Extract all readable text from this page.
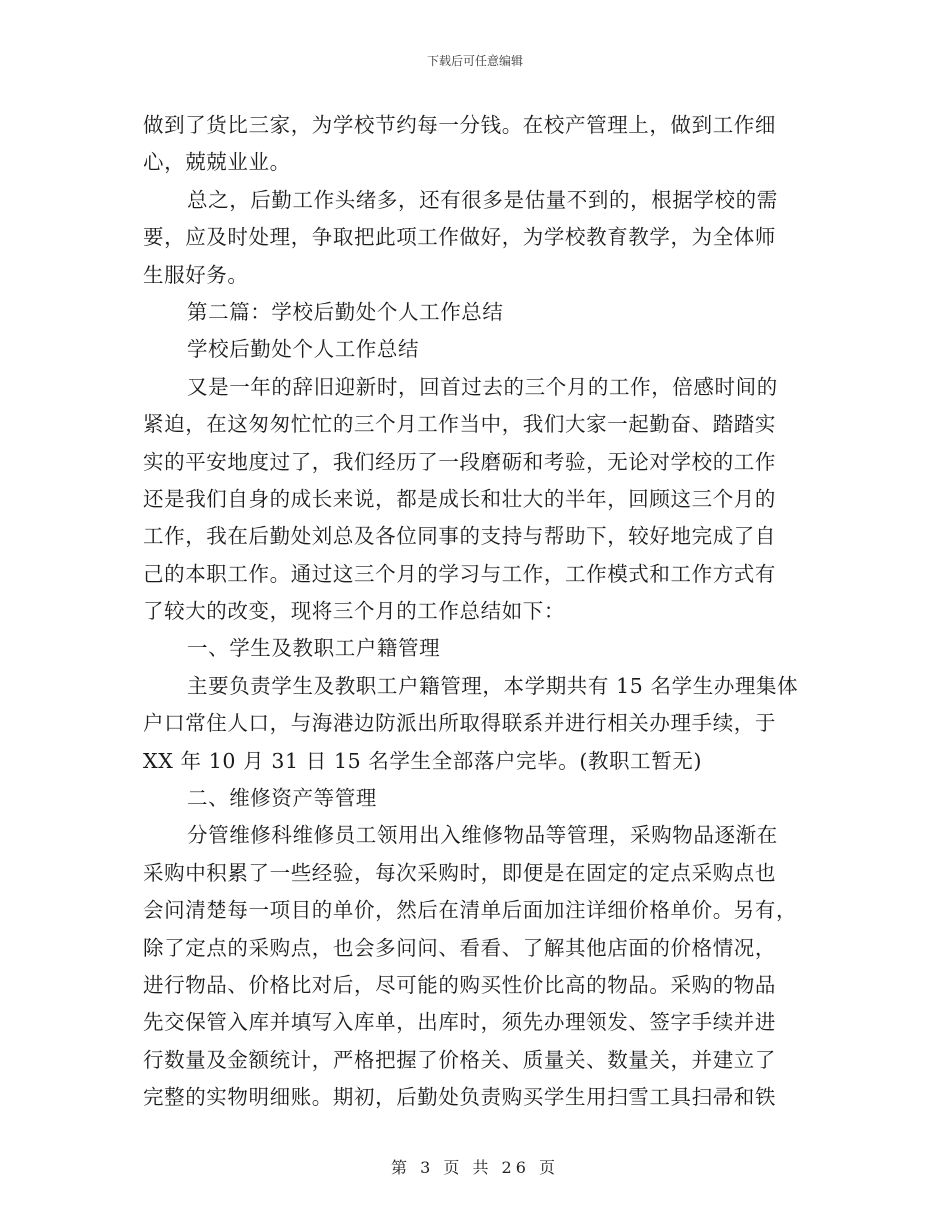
下载后可任意编辑
做到了货比三家，为学校节约每一分钱。在校产管理上，做到工作细
心，兢兢业业。
总之，后勤工作头绪多，还有很多是估量不到的，根据学校的需
要，应及时处理，争取把此项工作做好，为学校教育教学，为全体师
生服好务。
第二篇：学校后勤处个人工作总结
学校后勤处个人工作总结
又是一年的辞旧迎新时，回首过去的三个月的工作，倍感时间的
紧迫，在这匆匆忙忙的三个月工作当中，我们大家一起勤奋、踏踏实
实的平安地度过了，我们经历了一段磨砺和考验，无论对学校的工作
还是我们自身的成长来说，都是成长和壮大的半年，回顾这三个月的
工作，我在后勤处刘总及各位同事的支持与帮助下，较好地完成了自
己的本职工作。通过这三个月的学习与工作，工作模式和工作方式有
了较大的改变，现将三个月的工作总结如下：
一、学生及教职工户籍管理
主要负责学生及教职工户籍管理，本学期共有 15 名学生办理集体
户口常住人口，与海港边防派出所取得联系并进行相关办理手续，于
XX 年 10 月 31 日 15 名学生全部落户完毕。(教职工暂无)
二、维修资产等管理
分管维修科维修员工领用出入维修物品等管理，采购物品逐渐在
采购中积累了一些经验，每次采购时，即便是在固定的定点采购点也
会问清楚每一项目的单价，然后在清单后面加注详细价格单价。另有，
除了定点的采购点，也会多问问、看看、了解其他店面的价格情况，
进行物品、价格比对后，尽可能的购买性价比高的物品。采购的物品
先交保管入库并填写入库单，出库时，须先办理领发、签字手续并进
行数量及金额统计，严格把握了价格关、质量关、数量关，并建立了
完整的实物明细账。期初，后勤处负责购买学生用扫雪工具扫帚和铁
第 3 页 共 26 页
